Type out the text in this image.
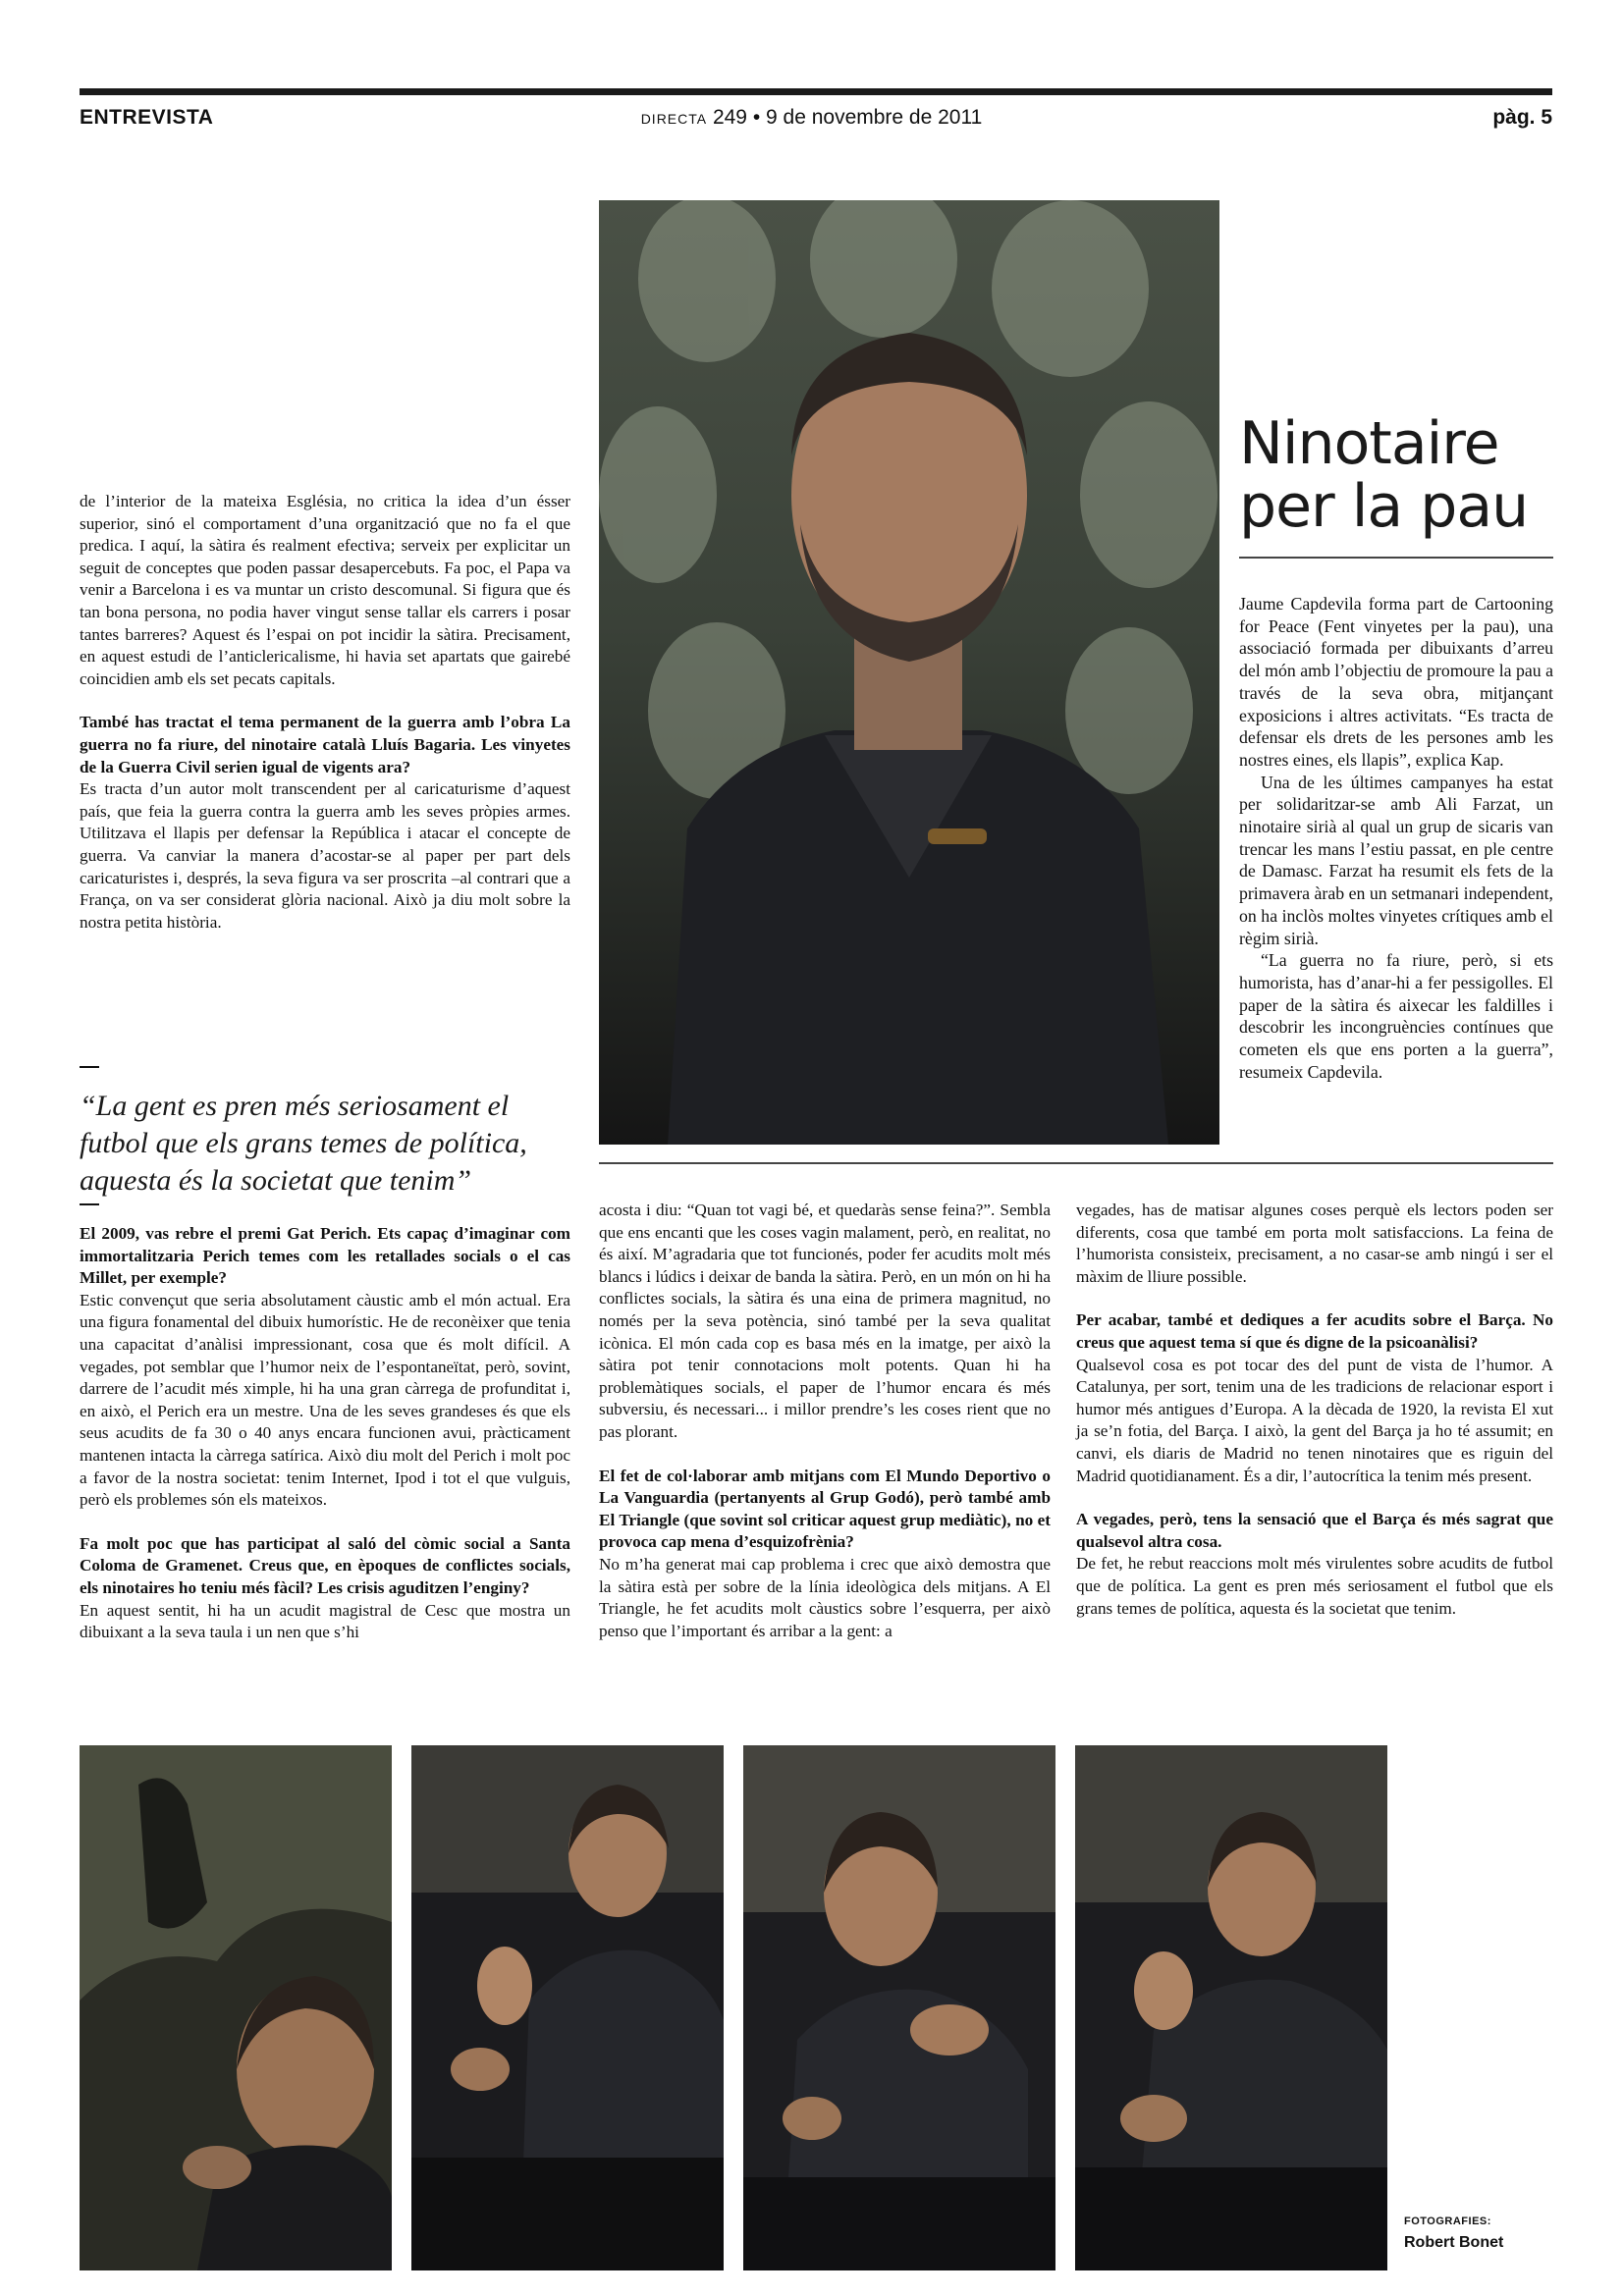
ENTREVISTA	DIRECTA 249 • 9 de novembre de 2011	pàg. 5
Ninotaire
per la pau

Jaume Capdevila forma part de Cartooning for Peace (Fent vinyetes per la pau), una associació formada per dibuixants d’arreu del món amb l’objectiu de promoure la pau a través de la seva obra, mitjançant exposicions i altres activitats. “Es tracta de defensar els drets de les persones amb les nostres eines, els llapis”, explica Kap.

Una de les últimes campanyes ha estat per solidaritzar-se amb Ali Farzat, un ninotaire sirià al qual un grup de sicaris van trencar les mans l’estiu passat, en ple centre de Damasc. Farzat ha resumit els fets de la primavera àrab en un setmanari independent, on ha inclòs moltes vinyetes crítiques amb el règim sirià.

“La guerra no fa riure, però, si ets humorista, has d’anar-hi a fer pessigolles. El paper de la sàtira és aixecar les faldilles i descobrir les incongruències contínues que cometen els que ens porten a la guerra”, resumeix Capdevila.

de l’interior de la mateixa Església, no critica la idea d’un ésser superior, sinó el comportament d’una organització que no fa el que predica. I aquí, la sàtira és realment efectiva; serveix per explicitar un seguit de conceptes que poden passar desapercebuts. Fa poc, el Papa va venir a Barcelona i es va muntar un cristo descomunal. Si figura que és tan bona persona, no podia haver vingut sense tallar els carrers i posar tantes barreres? Aquest és l’espai on pot incidir la sàtira. Precisament, en aquest estudi de l’anticlericalisme, hi havia set apartats que gairebé coincidien amb els set pecats capitals.

També has tractat el tema permanent de la guerra amb l’obra La guerra no fa riure, del ninotaire català Lluís Bagaria. Les vinyetes de la Guerra Civil serien igual de vigents ara?

Es tracta d’un autor molt transcendent per al caricaturisme d’aquest país, que feia la guerra contra la guerra amb les seves pròpies armes. Utilitzava el llapis per defensar la República i atacar el concepte de guerra. Va canviar la manera d’acostar-se al paper per part dels caricaturistes i, després, la seva figura va ser proscrita –al contrari que a França, on va ser considerat glòria nacional. Això ja diu molt sobre la nostra petita història.

“La gent es pren més seriosament el futbol que els grans temes de política, aquesta és la societat que tenim”

El 2009, vas rebre el premi Gat Perich. Ets capaç d’imaginar com immortalitzaria Perich temes com les retallades socials o el cas Millet, per exemple?

Estic convençut que seria absolutament càustic amb el món actual. Era una figura fonamental del dibuix humorístic. He de reconèixer que tenia una capacitat d’anàlisi impressionant, cosa que és molt difícil. A vegades, pot semblar que l’humor neix de l’espontaneïtat, però, sovint, darrere de l’acudit més ximple, hi ha una gran càrrega de profunditat i, en això, el Perich era un mestre. Una de les seves grandeses és que els seus acudits de fa 30 o 40 anys encara funcionen avui, pràcticament mantenen intacta la càrrega satírica. Això diu molt del Perich i molt poc a favor de la nostra societat: tenim Internet, Ipod i tot el que vulguis, però els problemes són els mateixos.

Fa molt poc que has participat al saló del còmic social a Santa Coloma de Gramenet. Creus que, en èpoques de conflictes socials, els ninotaires ho teniu més fàcil? Les crisis aguditzen l’enginy?

En aquest sentit, hi ha un acudit magistral de Cesc que mostra un dibuixant a la seva taula i un nen que s’hi

acosta i diu: “Quan tot vagi bé, et quedaràs sense feina?”. Sembla que ens encanti que les coses vagin malament, però, en realitat, no és així. M’agradaria que tot funcionés, poder fer acudits molt més blancs i lúdics i deixar de banda la sàtira. Però, en un món on hi ha conflictes socials, la sàtira és una eina de primera magnitud, no només per la seva potència, sinó també per la seva qualitat icònica. El món cada cop es basa més en la imatge, per això la sàtira pot tenir connotacions molt potents. Quan hi ha problemàtiques socials, el paper de l’humor encara és més subversiu, és necessari... i millor prendre’s les coses rient que no pas plorant.

El fet de col·laborar amb mitjans com El Mundo Deportivo o La Vanguardia (pertanyents al Grup Godó), però també amb El Triangle (que sovint sol criticar aquest grup mediàtic), no et provoca cap mena d’esquizofrènia?

No m’ha generat mai cap problema i crec que això demostra que la sàtira està per sobre de la línia ideològica dels mitjans. A El Triangle, he fet acudits molt càustics sobre l’esquerra, per això penso que l’important és arribar a la gent: a

vegades, has de matisar algunes coses perquè els lectors poden ser diferents, cosa que també em porta molt satisfaccions. La feina de l’humorista consisteix, precisament, a no casar-se amb ningú i ser el màxim de lliure possible.

Per acabar, també et dediques a fer acudits sobre el Barça. No creus que aquest tema sí que és digne de la psicoanàlisi?

Qualsevol cosa es pot tocar des del punt de vista de l’humor. A Catalunya, per sort, tenim una de les tradicions de relacionar esport i humor més antigues d’Europa. A la dècada de 1920, la revista El xut ja se’n fotia, del Barça. I això, la gent del Barça ja ho té assumit; en canvi, els diaris de Madrid no tenen ninotaires que es riguin del Madrid quotidianament. És a dir, l’autocrítica la tenim més present.

A vegades, però, tens la sensació que el Barça és més sagrat que qualsevol altra cosa.

De fet, he rebut reaccions molt més virulentes sobre acudits de futbol que de política. La gent es pren més seriosament el futbol que els grans temes de política, aquesta és la societat que tenim.

FOTOGRAFIES:
Robert Bonet
